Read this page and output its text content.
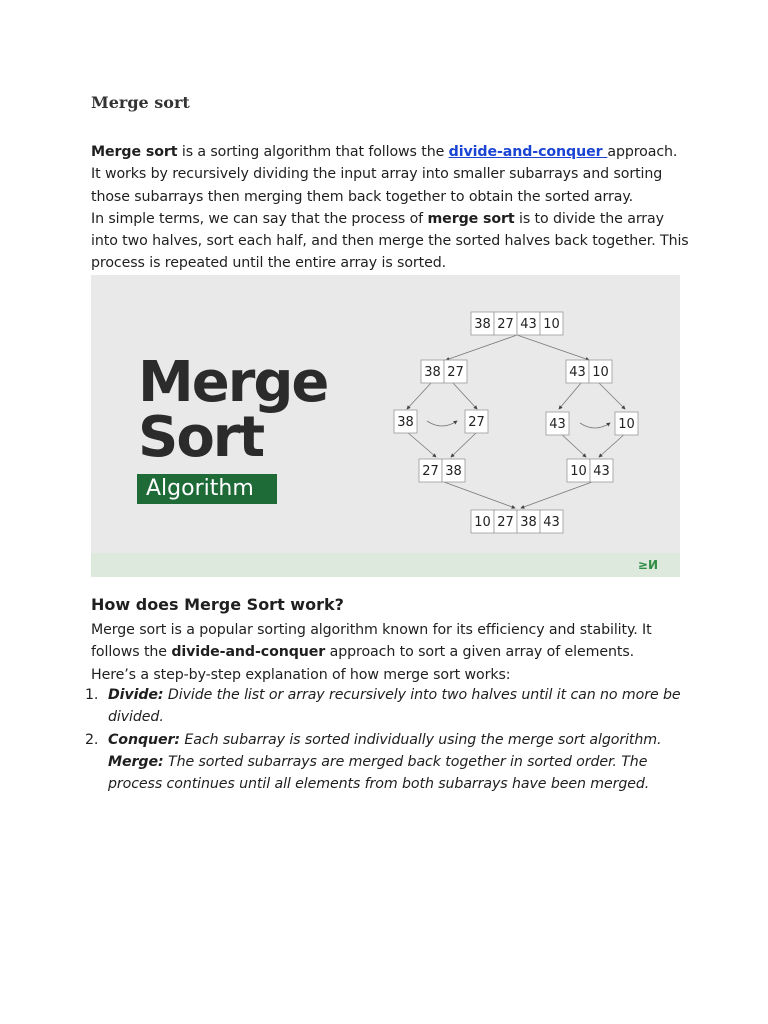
Merge sort

Merge sort is a sorting algorithm that follows the divide-and-conquer approach. It works by recursively dividing the input array into smaller subarrays and sorting those subarrays then merging them back together to obtain the sorted array.
In simple terms, we can say that the process of merge sort is to divide the array into two halves, sort each half, and then merge the sorted halves back together. This process is repeated until the entire array is sorted.

Merge
Sort
Algorithm
38 27 43 10
38 27	43 10
38	27	43	10
27 38	10 43
10 27 38 43
≥И
How does Merge Sort work?

Merge sort is a popular sorting algorithm known for its efficiency and stability. It follows the divide-and-conquer approach to sort a given array of elements.
Here’s a step-by-step explanation of how merge sort works:

1. Divide: Divide the list or array recursively into two halves until it can no more be divided.
2. Conquer: Each subarray is sorted individually using the merge sort algorithm.
Merge: The sorted subarrays are merged back together in sorted order. The process continues until all elements from both subarrays have been merged.
